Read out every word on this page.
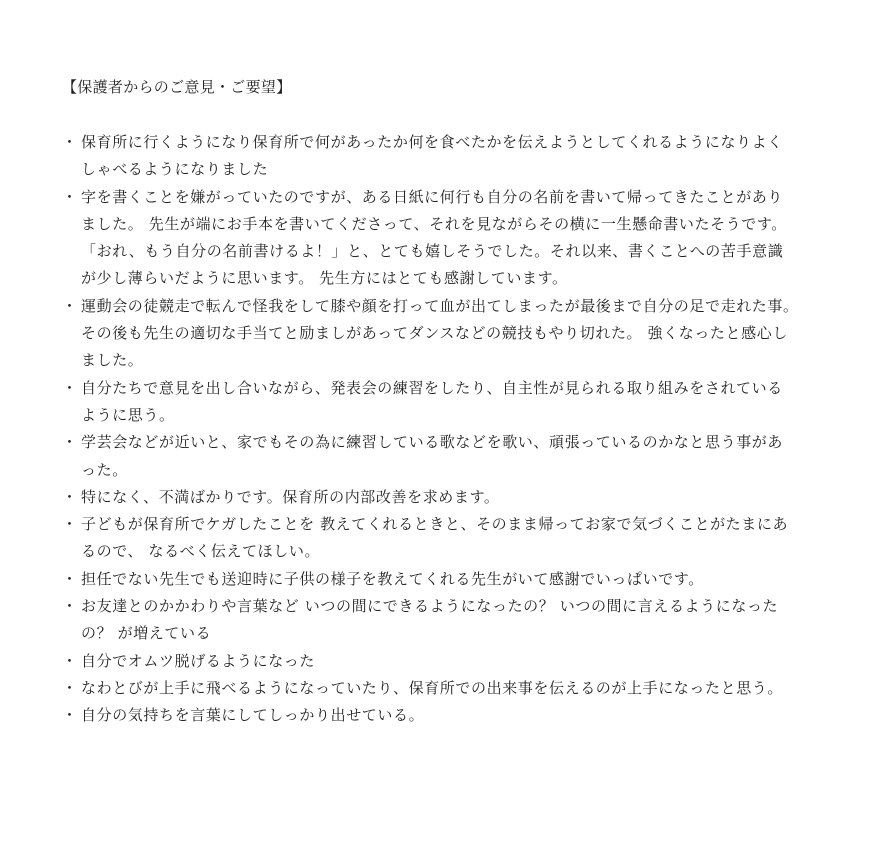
【保護者からのご意見・ご要望】
・ 保育所に行くようになり保育所で何があったか何を食べたかを伝えようとしてくれるようになりよく
しゃべるようになりました
・ 字を書くことを嫌がっていたのですが、ある日紙に何行も自分の名前を書いて帰ってきたことがあり
ました。 先生が端にお手本を書いてくださって、それを見ながらその横に一生懸命書いたそうです。
「おれ、もう自分の名前書けるよ！」と、とても嬉しそうでした。それ以来、書くことへの苦手意識
が少し薄らいだように思います。 先生方にはとても感謝しています。
・ 運動会の徒競走で転んで怪我をして膝や顔を打って血が出てしまったが最後まで自分の足で走れた事。
その後も先生の適切な手当てと励ましがあってダンスなどの競技もやり切れた。 強くなったと感心し
ました。
・ 自分たちで意見を出し合いながら、発表会の練習をしたり、自主性が見られる取り組みをされている
ように思う。
・ 学芸会などが近いと、家でもその為に練習している歌などを歌い、頑張っているのかなと思う事があ
った。
・ 特になく、不満ばかりです。保育所の内部改善を求めます。
・ 子どもが保育所でケガしたことを 教えてくれるときと、そのまま帰ってお家で気づくことがたまにあ
るので、 なるべく伝えてほしい。
・ 担任でない先生でも送迎時に子供の様子を教えてくれる先生がいて感謝でいっぱいです。
・ お友達とのかかわりや言葉など いつの間にできるようになったの？ いつの間に言えるようになった
の？ が増えている
・ 自分でオムツ脱げるようになった
・ なわとびが上手に飛べるようになっていたり、保育所での出来事を伝えるのが上手になったと思う。
・ 自分の気持ちを言葉にしてしっかり出せている。
